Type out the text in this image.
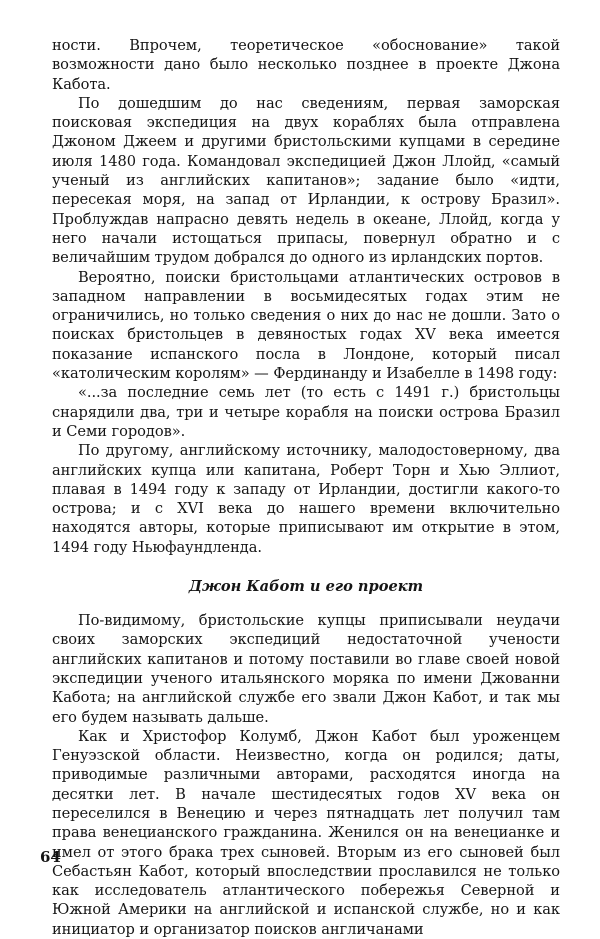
ности. Впрочем, теоретическое «обоснование» такой возможности дано было несколько позднее в проекте Джона Кабота.

По дошедшим до нас сведениям, первая заморская поисковая экспедиция на двух кораблях была отправлена Джоном Джеем и другими бристольскими купцами в середине июля 1480 года. Командовал экспедицией Джон Ллойд, «самый ученый из английских капитанов»; задание было «идти, пересекая моря, на запад от Ирландии, к острову Бразил». Проблуждав напрасно девять недель в океане, Ллойд, когда у него начали истощаться припасы, повернул обратно и с величайшим трудом добрался до одного из ирландских портов.

Вероятно, поиски бристольцами атлантических островов в западном направлении в восьмидесятых годах этим не ограничились, но только сведения о них до нас не дошли. Зато о поисках бристольцев в девяностых годах XV века имеется показание испанского посла в Лондоне, который писал «католическим королям» — Фердинанду и Изабелле в 1498 году:

«...за последние семь лет (то есть с 1491 г.) бристольцы снарядили два, три и четыре корабля на поиски острова Бразил и Семи городов».

По другому, английскому источнику, малодостоверному, два английских купца или капитана, Роберт Торн и Хью Эллиот, плавая в 1494 году к западу от Ирландии, достигли какого-то острова; и с XVI века до нашего времени включительно находятся авторы, которые приписывают им открытие в этом, 1494 году Ньюфаундленда.

Джон Кабот и его проект

По-видимому, бристольские купцы приписывали неудачи своих заморских экспедиций недостаточной учености английских капитанов и потому поставили во главе своей новой экспедиции ученого итальянского моряка по имени Джованни Кабота; на английской службе его звали Джон Кабот, и так мы его будем называть дальше.

Как и Христофор Колумб, Джон Кабот был уроженцем Генуэзской области. Неизвестно, когда он родился; даты, приводимые различными авторами, расходятся иногда на десятки лет. В начале шестидесятых годов XV века он переселился в Венецию и через пятнадцать лет получил там права венецианского гражданина. Женился он на венецианке и имел от этого брака трех сыновей. Вторым из его сыновей был Себастьян Кабот, который впоследствии прославился не только как исследователь атлантического побережья Северной и Южной Америки на английской и испанской службе, но и как инициатор и организатор поисков англичанами

64
